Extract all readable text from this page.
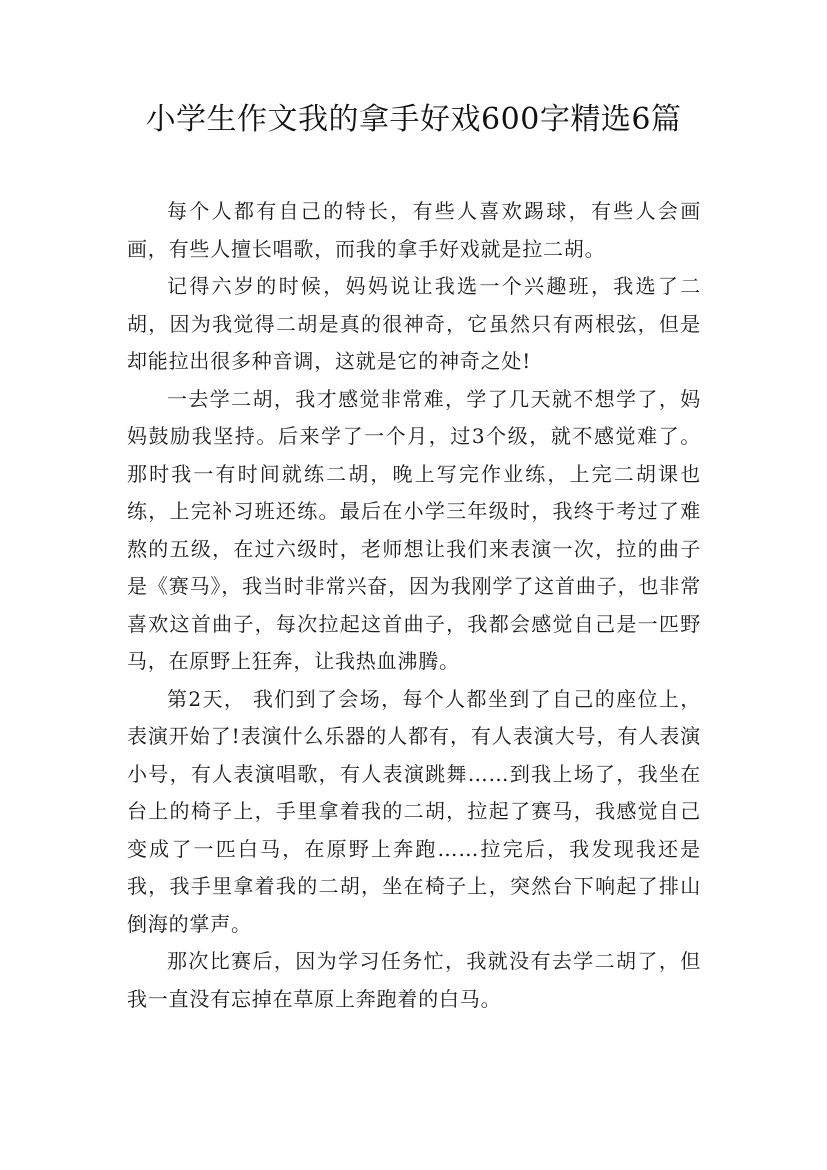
小学生作文我的拿手好戏600字精选6篇

每个人都有自己的特长，有些人喜欢踢球，有些人会画画，有些人擅长唱歌，而我的拿手好戏就是拉二胡。

记得六岁的时候，妈妈说让我选一个兴趣班，我选了二胡，因为我觉得二胡是真的很神奇，它虽然只有两根弦，但是却能拉出很多种音调，这就是它的神奇之处!

一去学二胡，我才感觉非常难，学了几天就不想学了，妈妈鼓励我坚持。后来学了一个月，过3个级，就不感觉难了。那时我一有时间就练二胡，晚上写完作业练，上完二胡课也练，上完补习班还练。最后在小学三年级时，我终于考过了难熬的五级，在过六级时，老师想让我们来表演一次，拉的曲子是《赛马》，我当时非常兴奋，因为我刚学了这首曲子，也非常喜欢这首曲子，每次拉起这首曲子，我都会感觉自己是一匹野马，在原野上狂奔，让我热血沸腾。

第2天， 我们到了会场，每个人都坐到了自己的座位上，表演开始了!表演什么乐器的人都有，有人表演大号，有人表演小号，有人表演唱歌，有人表演跳舞……到我上场了，我坐在台上的椅子上，手里拿着我的二胡，拉起了赛马，我感觉自己变成了一匹白马，在原野上奔跑……拉完后，我发现我还是我，我手里拿着我的二胡，坐在椅子上，突然台下响起了排山倒海的掌声。

那次比赛后，因为学习任务忙，我就没有去学二胡了，但我一直没有忘掉在草原上奔跑着的白马。
